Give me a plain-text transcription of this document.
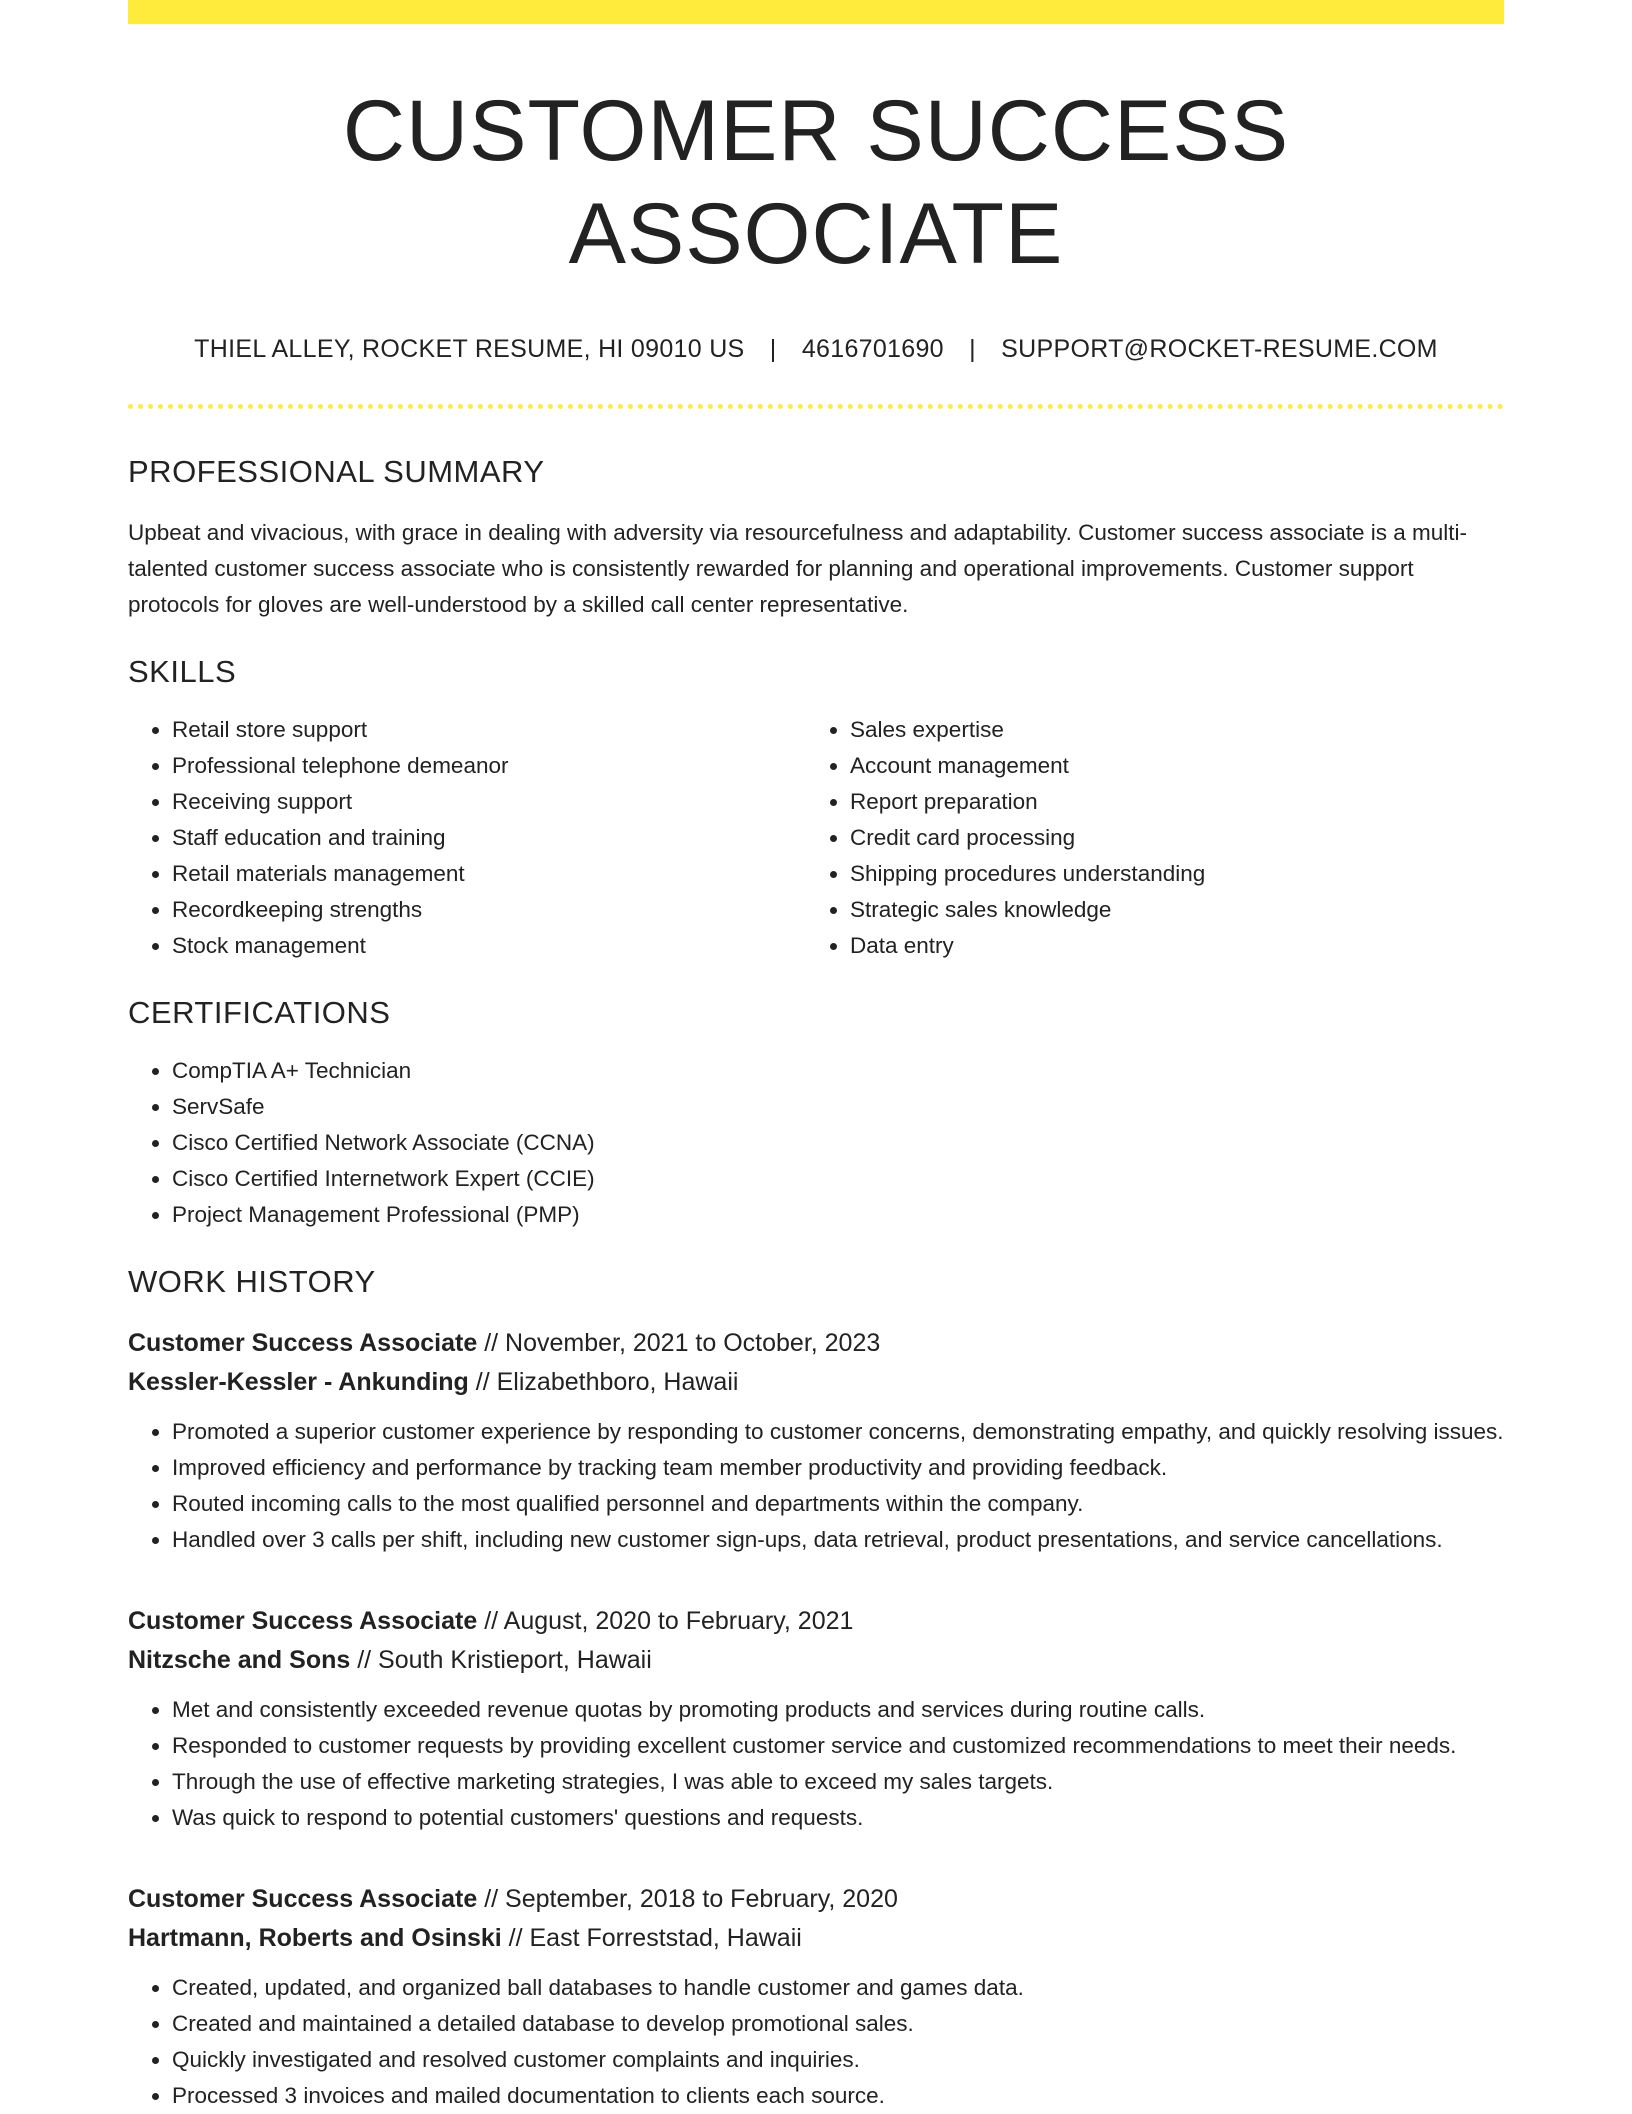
CUSTOMER SUCCESS ASSOCIATE
THIEL ALLEY, ROCKET RESUME, HI 09010 US | 4616701690 | SUPPORT@ROCKET-RESUME.COM
PROFESSIONAL SUMMARY

Upbeat and vivacious, with grace in dealing with adversity via resourcefulness and adaptability. Customer success associate is a multi-talented customer success associate who is consistently rewarded for planning and operational improvements. Customer support protocols for gloves are well-understood by a skilled call center representative.

SKILLS
• Retail store support
• Professional telephone demeanor
• Receiving support
• Staff education and training
• Retail materials management
• Recordkeeping strengths
• Stock management
• Sales expertise
• Account management
• Report preparation
• Credit card processing
• Shipping procedures understanding
• Strategic sales knowledge
• Data entry
CERTIFICATIONS
• CompTIA A+ Technician
• ServSafe
• Cisco Certified Network Associate (CCNA)
• Cisco Certified Internetwork Expert (CCIE)
• Project Management Professional (PMP)
WORK HISTORY
Customer Success Associate // November, 2021 to October, 2023
Kessler-Kessler - Ankunding // Elizabethboro, Hawaii
• Promoted a superior customer experience by responding to customer concerns, demonstrating empathy, and quickly resolving issues.
• Improved efficiency and performance by tracking team member productivity and providing feedback.
• Routed incoming calls to the most qualified personnel and departments within the company.
• Handled over 3 calls per shift, including new customer sign-ups, data retrieval, product presentations, and service cancellations.
Customer Success Associate // August, 2020 to February, 2021
Nitzsche and Sons // South Kristieport, Hawaii
• Met and consistently exceeded revenue quotas by promoting products and services during routine calls.
• Responded to customer requests by providing excellent customer service and customized recommendations to meet their needs.
• Through the use of effective marketing strategies, I was able to exceed my sales targets.
• Was quick to respond to potential customers' questions and requests.
Customer Success Associate // September, 2018 to February, 2020
Hartmann, Roberts and Osinski // East Forreststad, Hawaii
• Created, updated, and organized ball databases to handle customer and games data.
• Created and maintained a detailed database to develop promotional sales.
• Quickly investigated and resolved customer complaints and inquiries.
• Processed 3 invoices and mailed documentation to clients each source.
